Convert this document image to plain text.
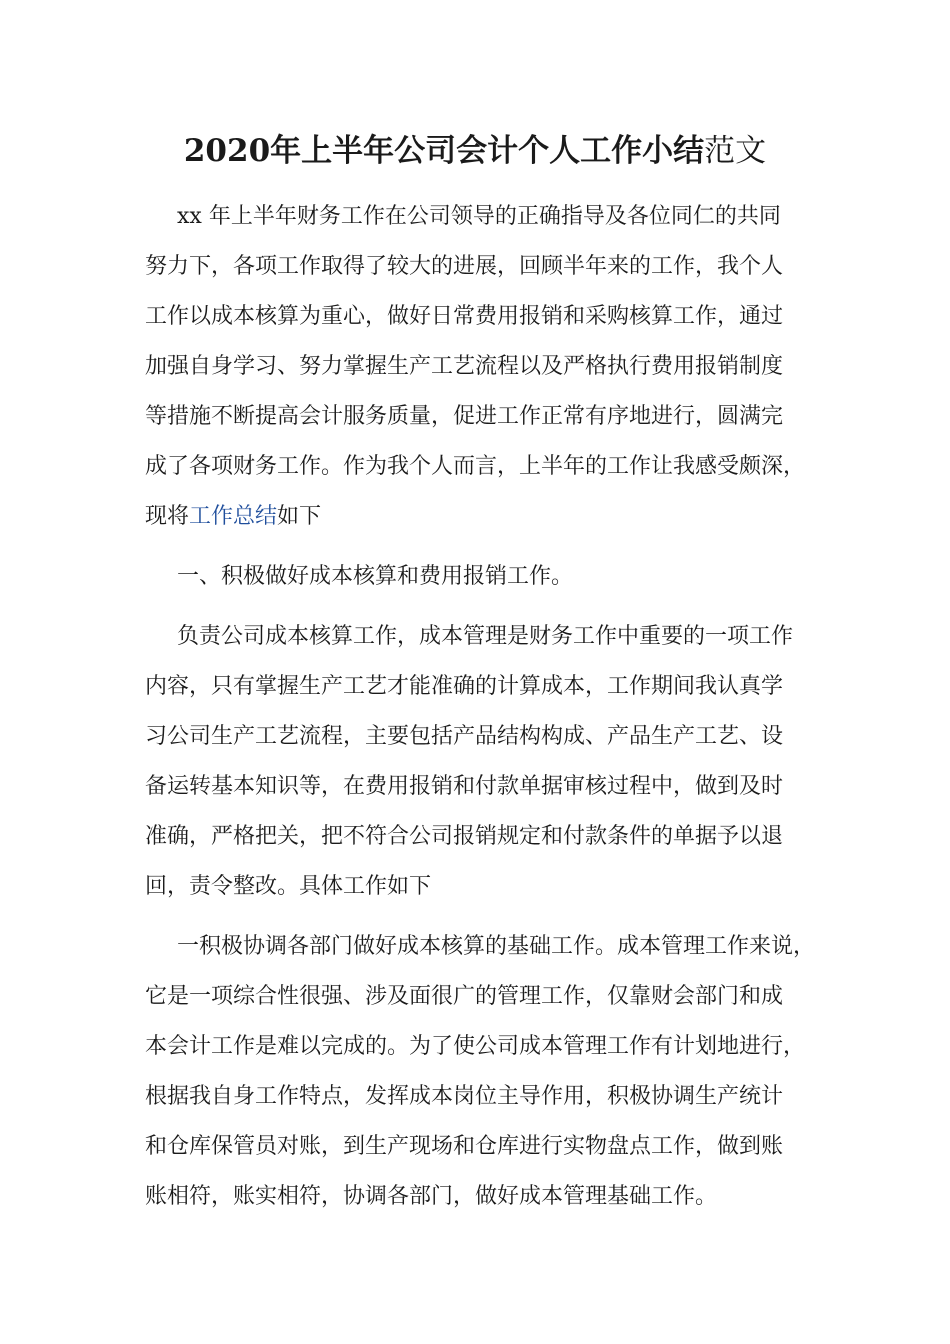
2020年上半年公司会计个人工作小结范文
xx 年上半年财务工作在公司领导的正确指导及各位同仁的共同
努力下，各项工作取得了较大的进展，回顾半年来的工作，我个人
工作以成本核算为重心，做好日常费用报销和采购核算工作，通过
加强自身学习、努力掌握生产工艺流程以及严格执行费用报销制度
等措施不断提高会计服务质量，促进工作正常有序地进行，圆满完
成了各项财务工作。作为我个人而言，上半年的工作让我感受颇深，
现将工作总结如下
一、积极做好成本核算和费用报销工作。
负责公司成本核算工作，成本管理是财务工作中重要的一项工作
内容，只有掌握生产工艺才能准确的计算成本，工作期间我认真学
习公司生产工艺流程，主要包括产品结构构成、产品生产工艺、设
备运转基本知识等，在费用报销和付款单据审核过程中，做到及时
准确，严格把关，把不符合公司报销规定和付款条件的单据予以退
回，责令整改。具体工作如下
一积极协调各部门做好成本核算的基础工作。成本管理工作来说，
它是一项综合性很强、涉及面很广的管理工作，仅靠财会部门和成
本会计工作是难以完成的。为了使公司成本管理工作有计划地进行，
根据我自身工作特点，发挥成本岗位主导作用，积极协调生产统计
和仓库保管员对账，到生产现场和仓库进行实物盘点工作，做到账
账相符，账实相符，协调各部门，做好成本管理基础工作。
